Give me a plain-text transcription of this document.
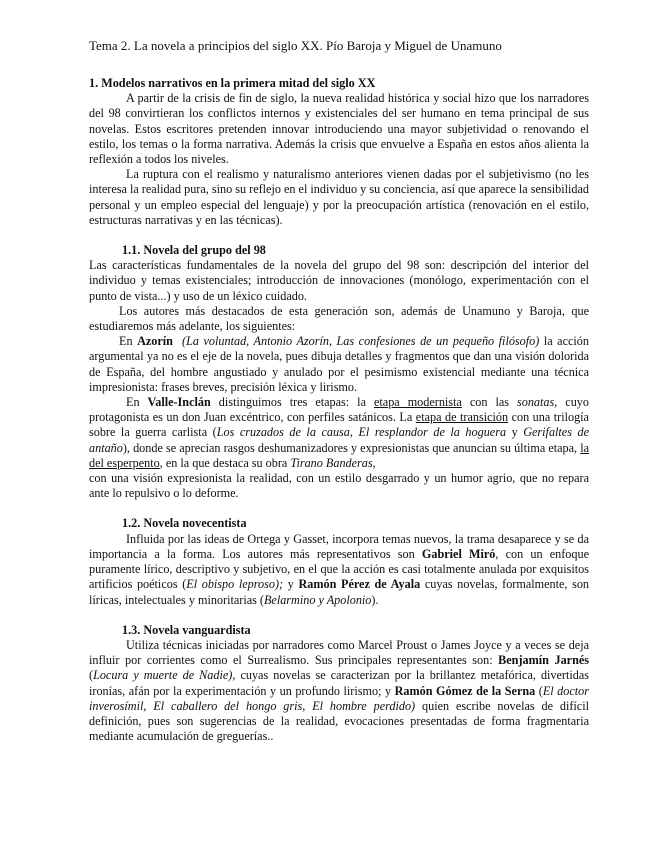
Tema 2. La novela a principios del siglo XX. Pío Baroja y Miguel de Unamuno
1. Modelos narrativos en la primera mitad del siglo XX

A partir de la crisis de fin de siglo, la nueva realidad histórica y social hizo que los narradores del 98 convirtieran los conflictos internos y existenciales del ser humano en tema principal de sus novelas. Estos escritores pretenden innovar introduciendo una mayor subjetividad o renovando el estilo, los temas o la forma narrativa. Además la crisis que envuelve a España en estos años alienta la reflexión a todos los niveles.

La ruptura con el realismo y naturalismo anteriores vienen dadas por el subjetivismo (no les interesa la realidad pura, sino su reflejo en el individuo y su conciencia, así que aparece la sensibilidad personal y un empleo especial del lenguaje) y por la preocupación artística (renovación en el estilo, estructuras narrativas y en las técnicas).

1.1. Novela del grupo del 98

Las características fundamentales de la novela del grupo del 98 son: descripción del interior del individuo y temas existenciales; introducción de innovaciones (monólogo, experimentación con el punto de vista...) y uso de un léxico cuidado.

Los autores más destacados de esta generación son, además de Unamuno y Baroja, que estudiaremos más adelante, los siguientes:

En Azorín (La voluntad, Antonio Azorín, Las confesiones de un pequeño filósofo) la acción argumental ya no es el eje de la novela, pues dibuja detalles y fragmentos que dan una visión dolorida de España, del hombre angustiado y anulado por el pesimismo existencial mediante una técnica impresionista: frases breves, precisión léxica y lirismo.

En Valle-Inclán distinguimos tres etapas: la etapa modernista con las sonatas, cuyo protagonista es un don Juan excéntrico, con perfiles satánicos. La etapa de transición con una trilogía sobre la guerra carlista (Los cruzados de la causa, El resplandor de la hoguera y Gerifaltes de antaño), donde se aprecian rasgos deshumanizadores y expresionistas que anuncian su última etapa, la del esperpento, en la que destaca su obra Tirano Banderas,

con una visión expresionista la realidad, con un estilo desgarrado y un humor agrio, que no repara ante lo repulsivo o lo deforme.

1.2. Novela novecentista

Influida por las ideas de Ortega y Gasset, incorpora temas nuevos, la trama desaparece y se da importancia a la forma. Los autores más representativos son Gabriel Miró, con un enfoque puramente lírico, descriptivo y subjetivo, en el que la acción es casi totalmente anulada por exquisitos artificios poéticos (El obispo leproso); y Ramón Pérez de Ayala cuyas novelas, formalmente, son líricas, intelectuales y minoritarias (Belarmino y Apolonio).

1.3. Novela vanguardista

Utiliza técnicas iniciadas por narradores como Marcel Proust o James Joyce y a veces se deja influir por corrientes como el Surrealismo. Sus principales representantes son: Benjamín Jarnés (Locura y muerte de Nadie), cuyas novelas se caracterizan por la brillantez metafórica, divertidas ironías, afán por la experimentación y un profundo lirismo; y Ramón Gómez de la Serna (El doctor inverosímil, El caballero del hongo gris, El hombre perdido) quien escribe novelas de difícil definición, pues son sugerencias de la realidad, evocaciones presentadas de forma fragmentaria mediante acumulación de greguerías..
